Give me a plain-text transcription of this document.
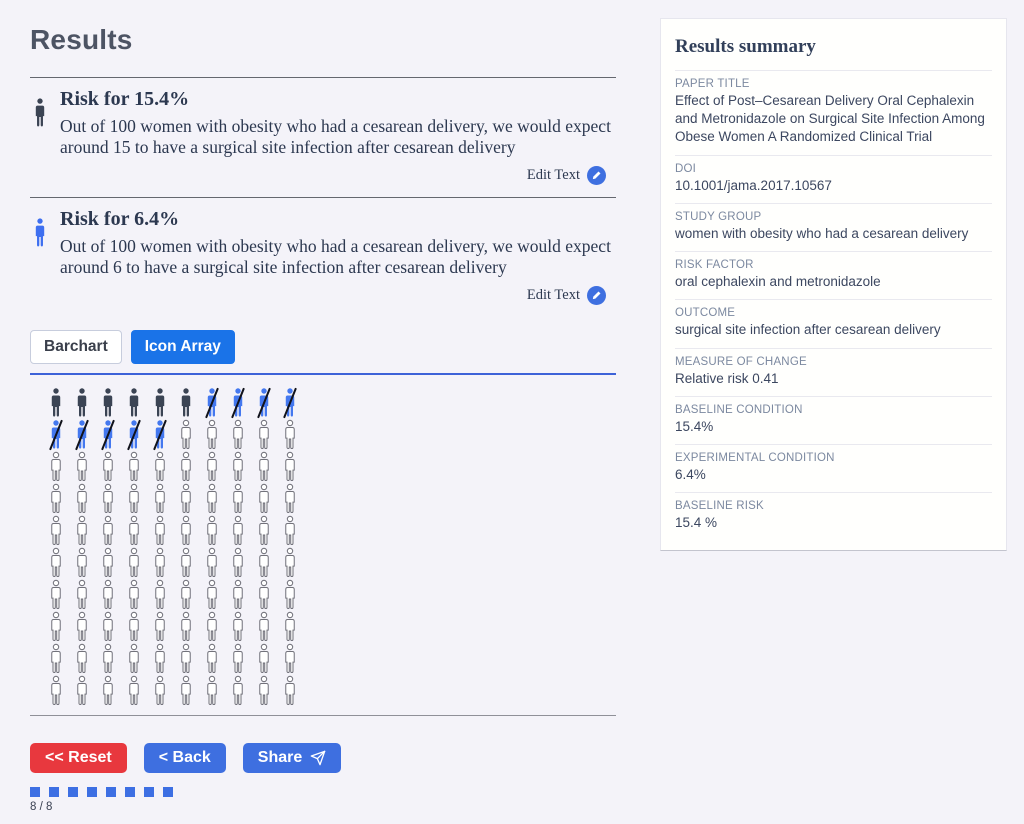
Results
Risk for 15.4%

Out of 100 women with obesity who had a cesarean delivery, we would expect around 15 to have a surgical site infection after cesarean delivery

Edit Text
Risk for 6.4%

Out of 100 women with obesity who had a cesarean delivery, we would expect around 6 to have a surgical site infection after cesarean delivery

Edit Text
Barchart	Icon Array
<< Reset	< Back	Share
8 / 8
Results summary
PAPER TITLE
Effect of Post–Cesarean Delivery Oral Cephalexin and Metronidazole on Surgical Site Infection Among Obese Women A Randomized Clinical Trial
DOI
10.1001/jama.2017.10567
STUDY GROUP
women with obesity who had a cesarean delivery
RISK FACTOR
oral cephalexin and metronidazole
OUTCOME
surgical site infection after cesarean delivery
MEASURE OF CHANGE
Relative risk 0.41
BASELINE CONDITION
15.4%
EXPERIMENTAL CONDITION
6.4%
BASELINE RISK
15.4 %
